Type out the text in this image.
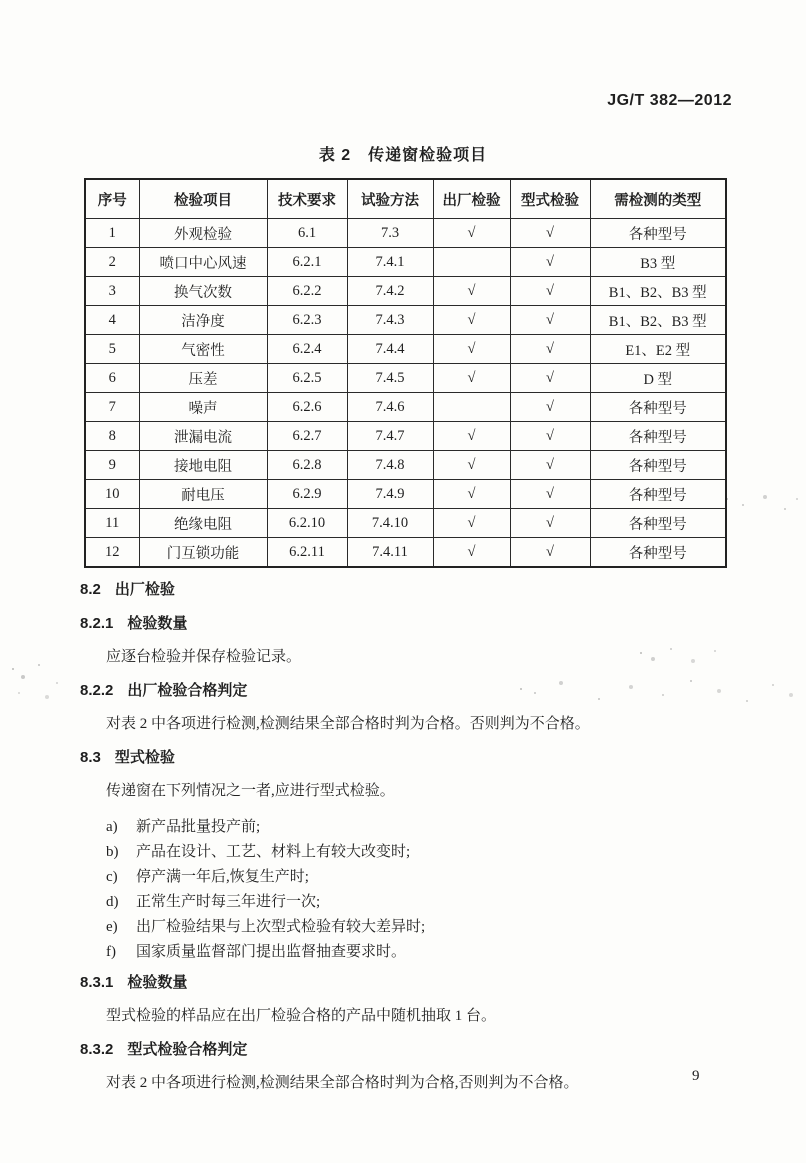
JG/T 382—2012
表 2　传递窗检验项目
序号	检验项目	技术要求	试验方法	出厂检验	型式检验	需检测的类型
1	外观检验	6.1	7.3	√	√	各种型号
2	喷口中心风速	6.2.1	7.4.1		√	B3 型
3	换气次数	6.2.2	7.4.2	√	√	B1、B2、B3 型
4	洁净度	6.2.3	7.4.3	√	√	B1、B2、B3 型
5	气密性	6.2.4	7.4.4	√	√	E1、E2 型
6	压差	6.2.5	7.4.5	√	√	D 型
7	噪声	6.2.6	7.4.6		√	各种型号
8	泄漏电流	6.2.7	7.4.7	√	√	各种型号
9	接地电阻	6.2.8	7.4.8	√	√	各种型号
10	耐电压	6.2.9	7.4.9	√	√	各种型号
11	绝缘电阻	6.2.10	7.4.10	√	√	各种型号
12	门互锁功能	6.2.11	7.4.11	√	√	各种型号
8.2 出厂检验
8.2.1 检验数量
应逐台检验并保存检验记录。
8.2.2 出厂检验合格判定
对表 2 中各项进行检测,检测结果全部合格时判为合格。否则判为不合格。
8.3 型式检验
传递窗在下列情况之一者,应进行型式检验。
a)	新产品批量投产前;
b)	产品在设计、工艺、材料上有较大改变时;
c)	停产满一年后,恢复生产时;
d)	正常生产时每三年进行一次;
e)	出厂检验结果与上次型式检验有较大差异时;
f)	国家质量监督部门提出监督抽查要求时。
8.3.1 检验数量
型式检验的样品应在出厂检验合格的产品中随机抽取 1 台。
8.3.2 型式检验合格判定
对表 2 中各项进行检测,检测结果全部合格时判为合格,否则判为不合格。	9
